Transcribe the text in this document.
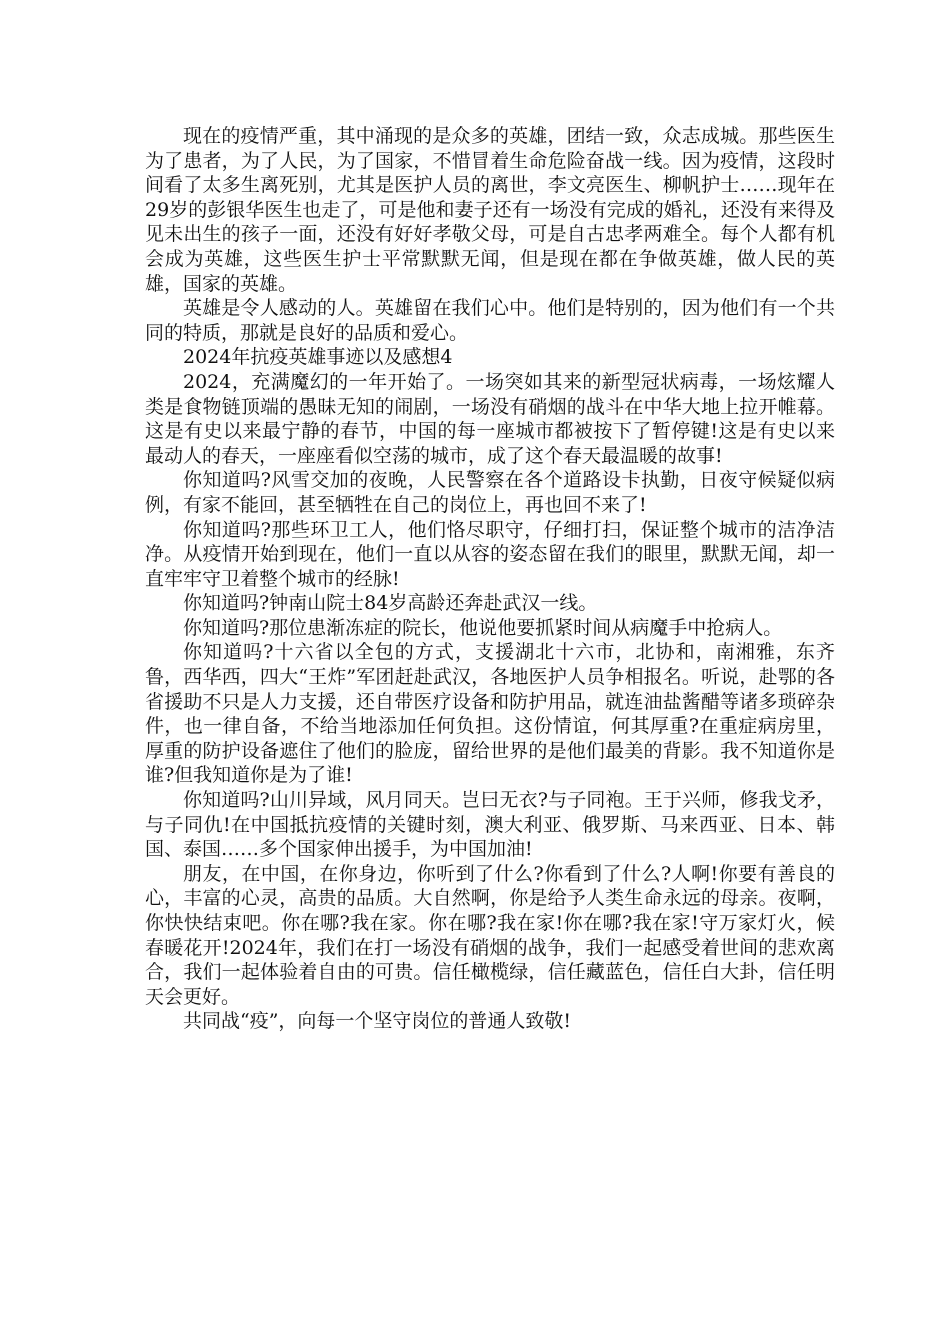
现在的疫情严重，其中涌现的是众多的英雄，团结一致，众志成城。那些医生为了患者，为了人民，为了国家，不惜冒着生命危险奋战一线。因为疫情，这段时间看了太多生离死别，尤其是医护人员的离世，李文亮医生、柳帆护士……现年在29岁的彭银华医生也走了，可是他和妻子还有一场没有完成的婚礼，还没有来得及见未出生的孩子一面，还没有好好孝敬父母，可是自古忠孝两难全。每个人都有机会成为英雄，这些医生护士平常默默无闻，但是现在都在争做英雄，做人民的英雄，国家的英雄。

英雄是令人感动的人。英雄留在我们心中。他们是特别的，因为他们有一个共同的特质，那就是良好的品质和爱心。

2024年抗疫英雄事迹以及感想4

2024，充满魔幻的一年开始了。一场突如其来的新型冠状病毒，一场炫耀人类是食物链顶端的愚昧无知的闹剧，一场没有硝烟的战斗在中华大地上拉开帷幕。这是有史以来最宁静的春节，中国的每一座城市都被按下了暂停键!这是有史以来最动人的春天，一座座看似空荡的城市，成了这个春天最温暖的故事!

你知道吗?风雪交加的夜晚，人民警察在各个道路设卡执勤，日夜守候疑似病例，有家不能回，甚至牺牲在自己的岗位上，再也回不来了!

你知道吗?那些环卫工人，他们恪尽职守，仔细打扫，保证整个城市的洁净洁净。从疫情开始到现在，他们一直以从容的姿态留在我们的眼里，默默无闻，却一直牢牢守卫着整个城市的经脉!

你知道吗?钟南山院士84岁高龄还奔赴武汉一线。

你知道吗?那位患渐冻症的院长，他说他要抓紧时间从病魔手中抢病人。

你知道吗?十六省以全包的方式，支援湖北十六市，北协和，南湘雅，东齐鲁，西华西，四大“王炸”军团赶赴武汉，各地医护人员争相报名。听说，赴鄂的各省援助不只是人力支援，还自带医疗设备和防护用品，就连油盐酱醋等诸多琐碎杂件，也一律自备，不给当地添加任何负担。这份情谊，何其厚重?在重症病房里，厚重的防护设备遮住了他们的脸庞，留给世界的是他们最美的背影。我不知道你是谁?但我知道你是为了谁!

你知道吗?山川异域，风月同天。岂曰无衣?与子同袍。王于兴师，修我戈矛，与子同仇!在中国抵抗疫情的关键时刻，澳大利亚、俄罗斯、马来西亚、日本、韩国、泰国……多个国家伸出援手，为中国加油!

朋友，在中国，在你身边，你听到了什么?你看到了什么?人啊!你要有善良的心，丰富的心灵，高贵的品质。大自然啊，你是给予人类生命永远的母亲。夜啊，你快快结束吧。你在哪?我在家。你在哪?我在家!你在哪?我在家!守万家灯火，候春暖花开!2024年，我们在打一场没有硝烟的战争，我们一起感受着世间的悲欢离合，我们一起体验着自由的可贵。信任橄榄绿，信任藏蓝色，信任白大卦，信任明天会更好。

共同战“疫”，向每一个坚守岗位的普通人致敬!
